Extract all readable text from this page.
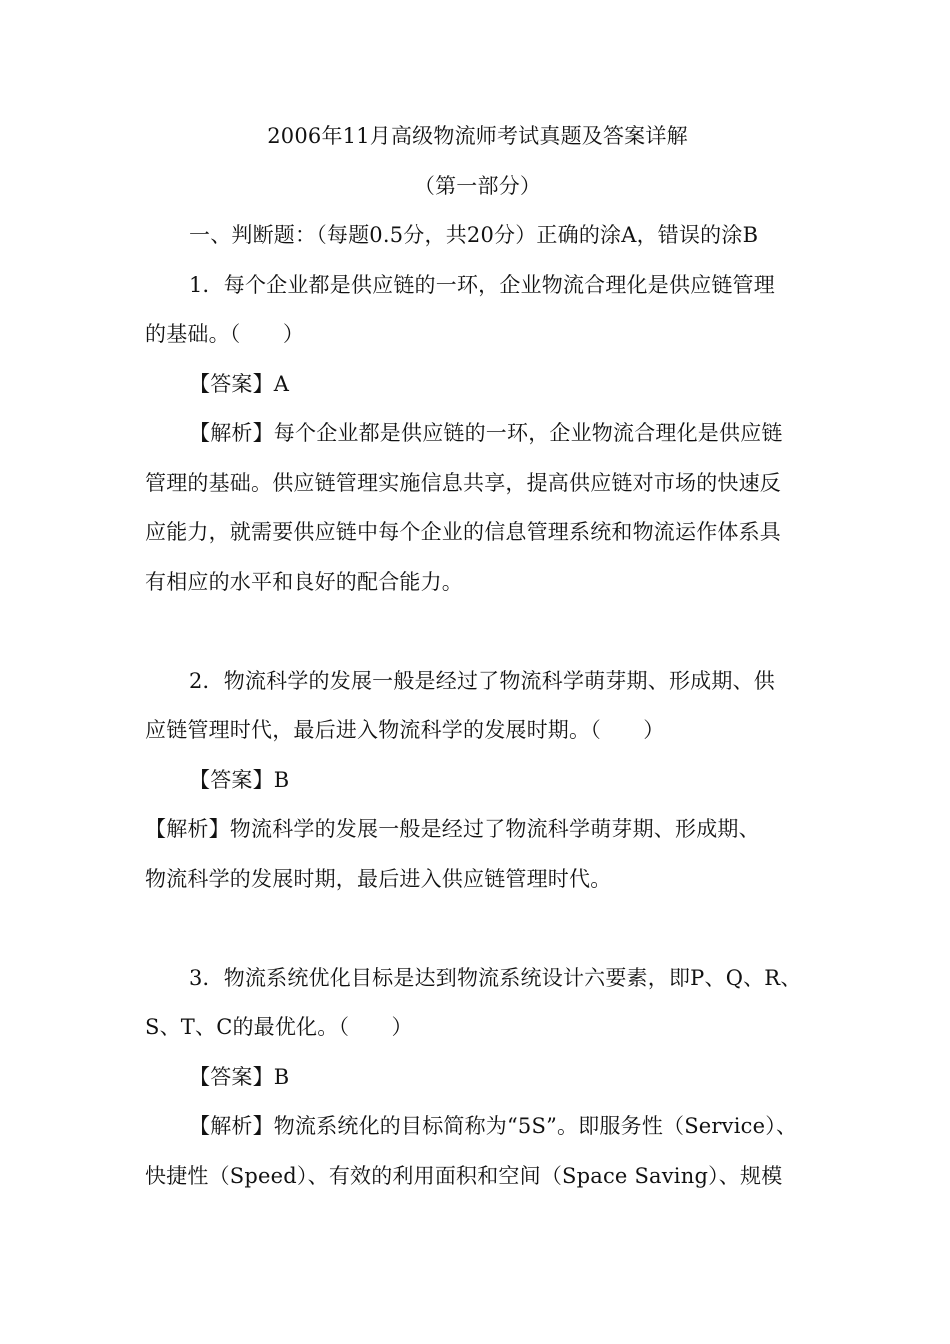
2006年11月高级物流师考试真题及答案详解
（第一部分）
一、判断题：（每题0.5分，共20分）正确的涂A，错误的涂B
1．每个企业都是供应链的一环，企业物流合理化是供应链管理
的基础。（　　）
【答案】A
【解析】每个企业都是供应链的一环，企业物流合理化是供应链
管理的基础。供应链管理实施信息共享，提高供应链对市场的快速反
应能力，就需要供应链中每个企业的信息管理系统和物流运作体系具
有相应的水平和良好的配合能力。
2．物流科学的发展一般是经过了物流科学萌芽期、形成期、供
应链管理时代，最后进入物流科学的发展时期。（　　）
【答案】B
【解析】物流科学的发展一般是经过了物流科学萌芽期、形成期、
物流科学的发展时期，最后进入供应链管理时代。
3．物流系统优化目标是达到物流系统设计六要素，即P、Q、R、
S、T、C的最优化。（　　）
【答案】B
【解析】物流系统化的目标简称为“5S”。即服务性（Service）、
快捷性（Speed）、有效的利用面积和空间（Space Saving）、规模
